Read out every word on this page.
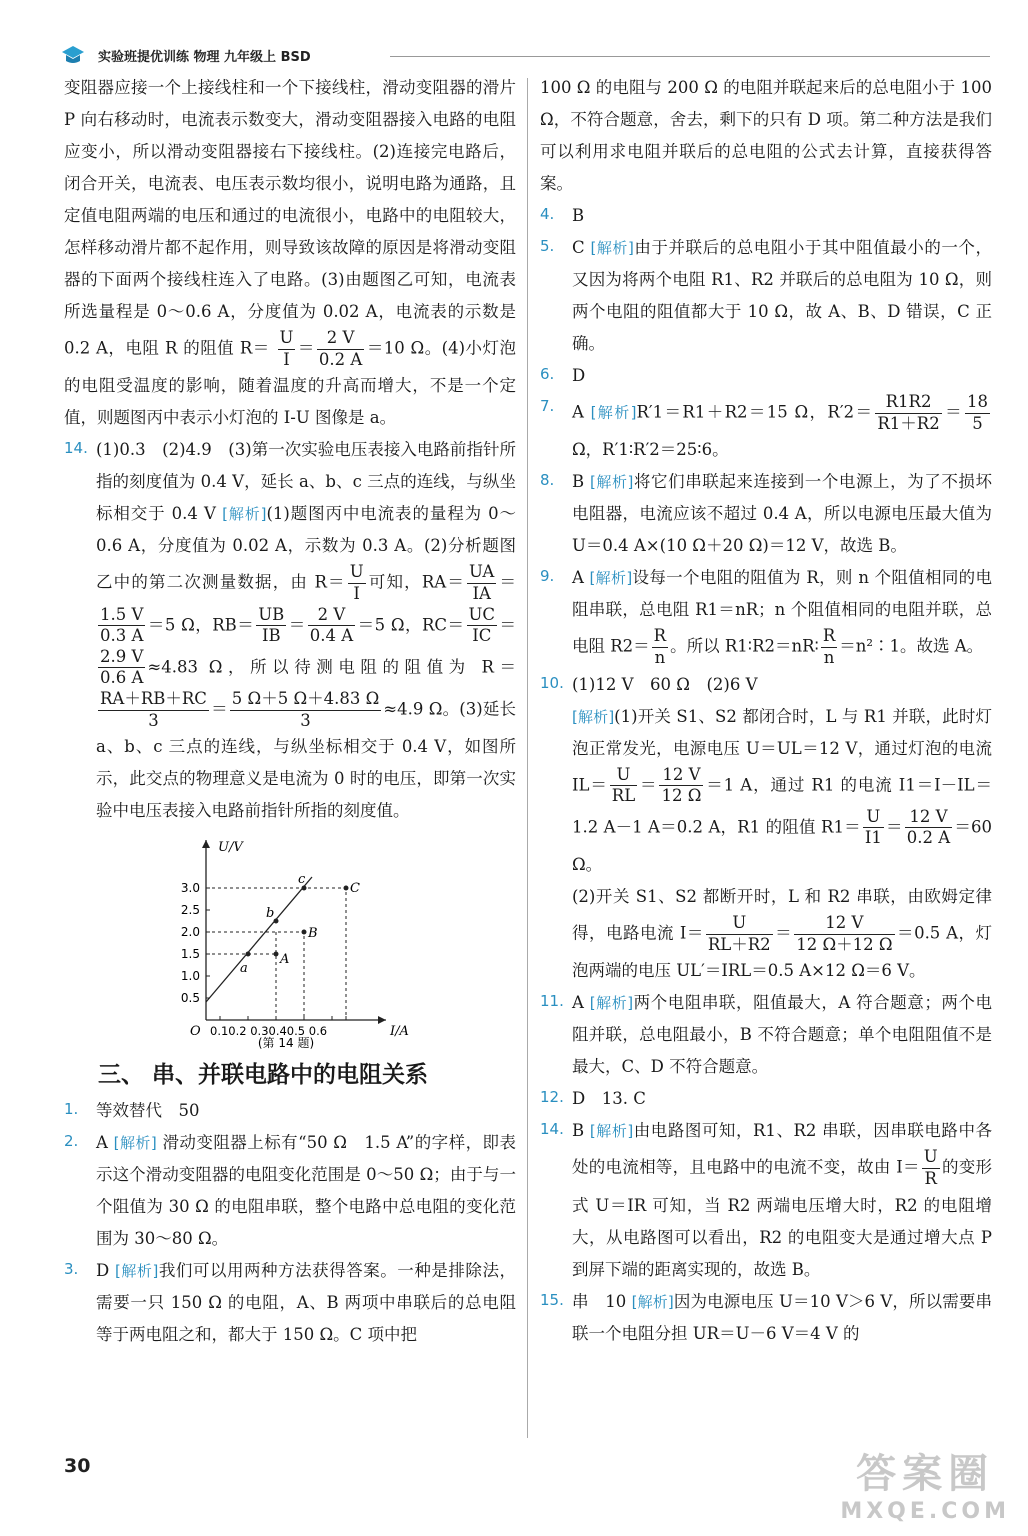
实验班提优训练 物理 九年级上 BSD

变阻器应接一个上接线柱和一个下接线柱，滑动变阻器的滑片 P 向右移动时，电流表示数变大，滑动变阻器接入电路的电阻应变小，所以滑动变阻器接右下接线柱。(2)连接完电路后，闭合开关，电流表、电压表示数均很小，说明电路为通路，且定值电阻两端的电压和通过的电流很小，电路中的电阻较大，怎样移动滑片都不起作用，则导致该故障的原因是将滑动变阻器的下面两个接线柱连入了电路。(3)由题图乙可知，电流表所选量程是 0～0.6 A，分度值为 0.02 A，电流表的示数是 0.2 A，电阻 R 的阻值 $R= \frac{U}{I} = \frac{2 V}{0.2 A} =10$ Ω。(4)小灯泡的电阻受温度的影响，随着温度的升高而增大，不是一个定值，则题图丙中表示小灯泡的 I-U 图像是 a。

14. (1)0.3　(2)4.9　(3)第一次实验电压表接入电路前指针所指的刻度值为 0.4 V，延长 a、b、c 三点的连线，与纵坐标相交于 0.4 V [解析](1)题图丙中电流表的量程为 0～0.6 A，分度值为 0.02 A，示数为 0.3 A。(2)分析题图乙中的第二次测量数据，由 $R= \frac{U}{I}$ 可知，$RA= \frac{UA}{IA}$ ＝
$\frac{1.5 V}{0.3 A} =5$ Ω，$RB= \frac{UB}{IB} = \frac{2 V}{0.4 A} =5$ Ω，$RC= \frac{UC}{IC}$ ＝
$\frac{2.9 V}{0.6 A} \approx 4.83$ Ω，所以待测电阻的阻值为 R＝
$\frac{RA+RB+RC}{3} = \frac{5 \Omega+5 \Omega+4.83 \Omega}{3} \approx 4.9$ Ω。(3)延长 a、b、c 三点的连线，与纵坐标相交于 0.4 V，如图所示，此交点的物理意义是电流为 0 时的电压，即第一次实验中电压表接入电路前指针所指的刻度值。
U/V
I/A
O
3.0
2.5
2.0
1.5
1.0
0.5
0.10.2 0.30.40.5 0.6
a
b
c
A
B
C
(第 14 题)
三、 串、并联电路中的电阻关系
1. 等效替代　50
2. A [解析] 滑动变阻器上标有“50 Ω　1.5 A”的字样，即表示这个滑动变阻器的电阻变化范围是 0～50 Ω；由于与一个阻值为 30 Ω 的电阻串联，整个电路中总电阻的变化范围为 30～80 Ω。
3. D [解析]我们可以用两种方法获得答案。一种是排除法，需要一只 150 Ω 的电阻，A、B 两项中串联后的总电阻等于两电阻之和，都大于 150 Ω。C 项中把

100 Ω 的电阻与 200 Ω 的电阻并联起来后的总电阻小于 100 Ω，不符合题意，舍去，剩下的只有 D 项。第二种方法是我们可以利用求电阻并联后的总电阻的公式去计算，直接获得答案。

4. B
5. C [解析]由于并联后的总电阻小于其中阻值最小的一个，又因为将两个电阻 R1、R2 并联后的总电阻为 10 Ω，则两个电阻的阻值都大于 10 Ω，故 A、B、D 错误，C 正确。
6. D
7. A [解析]R′1＝R1＋R2＝15 Ω，$R'2= \frac{R1R2}{R1+R2} = \frac{18}{5}$
Ω，R′1∶R′2＝25∶6。
8. B [解析]将它们串联起来连接到一个电源上，为了不损坏电阻器，电流应该不超过 0.4 A，所以电源电压最大值为 U＝0.4 A×(10 Ω＋20 Ω)＝12 V，故选 B。
9. A [解析]设每一个电阻的阻值为 R，则 n 个阻值相同的电阻串联，总电阻 R1＝nR；n 个阻值相同的电阻并联，总电阻 $R2= \frac{R}{n}$ 。所以 R1∶R2＝nR∶ $\frac{R}{n}$ ＝n²∶1。故选 A。
10. (1)12 V　60 Ω　(2)6 V
[解析](1)开关 S1、S2 都闭合时，L 与 R1 并联，此时灯泡正常发光，电源电压 U＝UL＝12 V，通过灯泡的电流 $IL= \frac{U}{RL} = \frac{12 V}{12 \Omega} =1$ A，通过 R1 的电流 I1＝I－IL＝1.2 A－1 A＝0.2 A，R1 的阻值 $R1= \frac{U}{I1} = \frac{12 V}{0.2 A} =60$ Ω。
(2)开关 S1、S2 都断开时，L 和 R2 串联，由欧姆定律得，电路电流 $I= \frac{U}{RL+R2} = \frac{12 V}{12 \Omega+12 \Omega} =0.5$ A，灯泡两端的电压 UL′＝IRL＝0.5 A×12 Ω＝6 V。
11. A [解析]两个电阻串联，阻值最大，A 符合题意；两个电阻并联，总电阻最小，B 不符合题意；单个电阻阻值不是最大，C、D 不符合题意。
12. D　13. C
14. B [解析]由电路图可知，R1、R2 串联，因串联电路中各处的电流相等，且电路中的电流不变，故由 $I= \frac{U}{R}$ 的变形式 U＝IR 可知，当 R2 两端电压增大时，R2 的电阻增大，从电路图可以看出，R2 的电阻变大是通过增大点 P 到屏下端的距离实现的，故选 B。
15. 串　10 [解析]因为电源电压 U＝10 V＞6 V，所以需要串联一个电阻分担 UR＝U－6 V＝4 V 的
30	答案圈
MXQE.COM
